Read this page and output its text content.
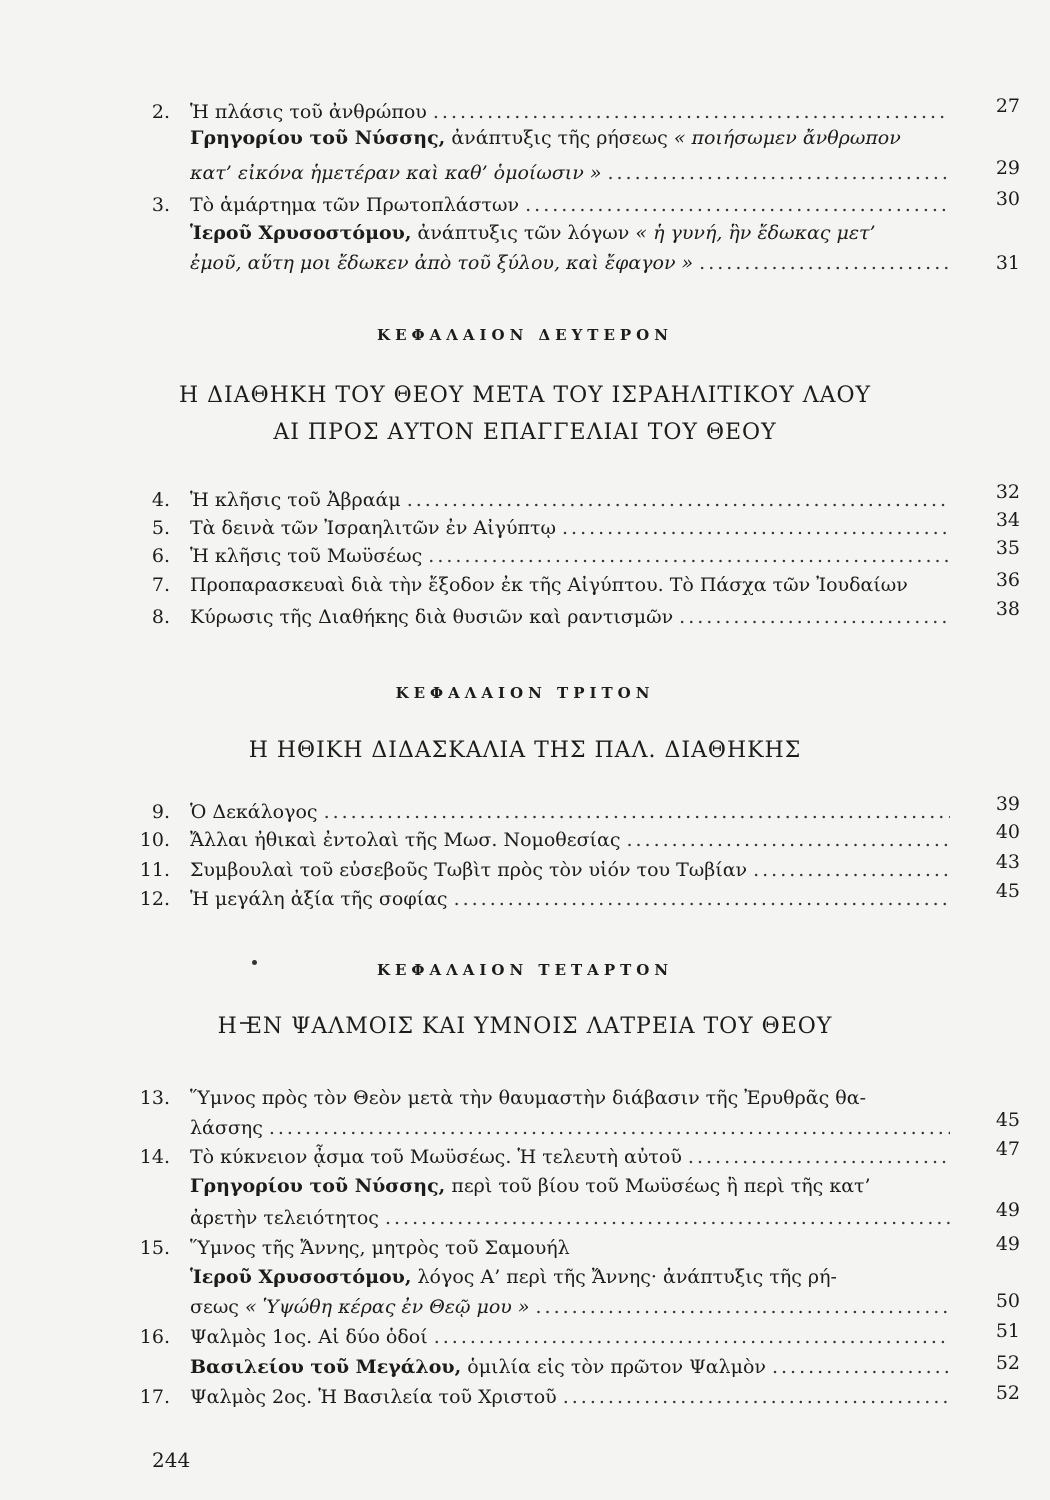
2. Ἡ πλάσις τοῦ ἀνθρώπου .....	27
Γρηγορίου τοῦ Νύσσης, ἀνάπτυξις τῆς ρήσεως « ποιήσωμεν ἄνθρωπον
κατ’ εἰκόνα ἡμετέραν καὶ καθ’ ὁμοίωσιν » .....	29
3. Τὸ ἁμάρτημα τῶν Πρωτοπλάστων .....	30
Ἱεροῦ Χρυσοστόμου, ἀνάπτυξις τῶν λόγων « ἡ γυνή, ἣν ἔδωκας μετ’
ἐμοῦ, αὕτη μοι ἔδωκεν ἀπὸ τοῦ ξύλου, καὶ ἔφαγον » .....	31
ΚΕΦΑΛΑΙΟΝ ΔΕΥΤΕΡΟΝ
Η ΔΙΑΘΗΚΗ ΤΟΥ ΘΕΟΥ ΜΕΤΑ ΤΟΥ ΙΣΡΑΗΛΙΤΙΚΟΥ ΛΑΟΥ
ΑΙ ΠΡΟΣ ΑΥΤΟΝ ΕΠΑΓΓΕΛΙΑΙ ΤΟΥ ΘΕΟΥ
4. Ἡ κλῆσις τοῦ Ἀβραάμ .....	32
5. Τὰ δεινὰ τῶν Ἰσραηλιτῶν ἐν Αἰγύπτῳ .....	34
6. Ἡ κλῆσις τοῦ Μωϋσέως .....	35
7. Προπαρασκευαὶ διὰ τὴν ἔξοδον ἐκ τῆς Αἰγύπτου. Τὸ Πάσχα τῶν Ἰουδαίων	36
8. Κύρωσις τῆς Διαθήκης διὰ θυσιῶν καὶ ραντισμῶν .....	38
ΚΕΦΑΛΑΙΟΝ ΤΡΙΤΟΝ
Η ΗΘΙΚΗ ΔΙΔΑΣΚΑΛΙΑ ΤΗΣ ΠΑΛ. ΔΙΑΘΗΚΗΣ
9. Ὁ Δεκάλογος .....	39
10. Ἄλλαι ἠθικαὶ ἐντολαὶ τῆς Μωσ. Νομοθεσίας .....	40
11. Συμβουλαὶ τοῦ εὐσεβοῦς Τωβὶτ πρὸς τὸν υἱόν του Τωβίαν .....	43
12. Ἡ μεγάλη ἀξία τῆς σοφίας .....	45
ΚΕΦΑΛΑΙΟΝ ΤΕΤΑΡΤΟΝ
Η ΕΝ ΨΑΛΜΟΙΣ ΚΑΙ ΥΜΝΟΙΣ ΛΑΤΡΕΙΑ ΤΟΥ ΘΕΟΥ
13. Ὕμνος πρὸς τὸν Θεὸν μετὰ τὴν θαυμαστὴν διάβασιν τῆς Ἐρυθρᾶς θα-
λάσσης .....	45
14. Τὸ κύκνειον ᾆσμα τοῦ Μωϋσέως. Ἡ τελευτὴ αὐτοῦ .....	47
Γρηγορίου τοῦ Νύσσης, περὶ τοῦ βίου τοῦ Μωϋσέως ἢ περὶ τῆς κατ’
ἀρετὴν τελειότητος .....	49
15. Ὕμνος τῆς Ἄννης, μητρὸς τοῦ Σαμουήλ	49
Ἱεροῦ Χρυσοστόμου, λόγος Α’ περὶ τῆς Ἄννης· ἀνάπτυξις τῆς ρή-
σεως « Ὑψώθη κέρας ἐν Θεῷ μου » .....	50
16. Ψαλμὸς 1ος. Αἱ δύο ὁδοί .....	51
Βασιλείου τοῦ Μεγάλου, ὁμιλία εἰς τὸν πρῶτον Ψαλμὸν .....	52
17. Ψαλμὸς 2ος. Ἡ Βασιλεία τοῦ Χριστοῦ .....	52
244
